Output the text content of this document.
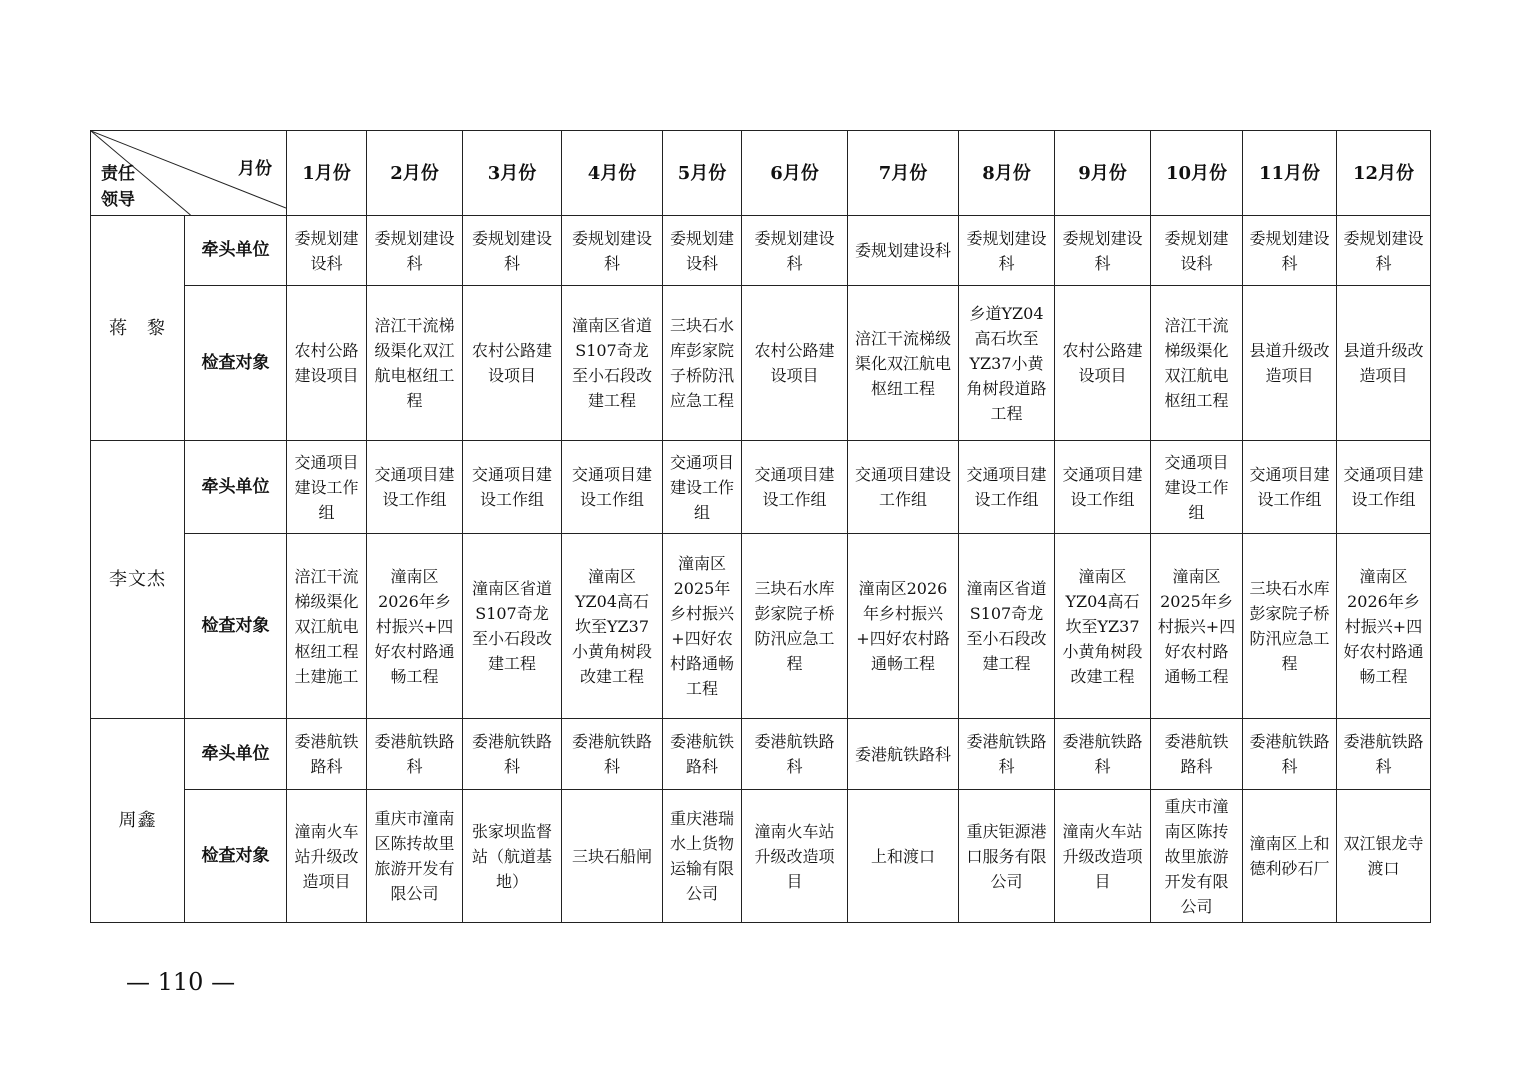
月份
责任领导		1月份	2月份	3月份	4月份	5月份	6月份	7月份	8月份	9月份	10月份	11月份	12月份
蒋　黎	牵头单位	委规划建设科	委规划建设科	委规划建设科	委规划建设科	委规划建设科	委规划建设科	委规划建设科	委规划建设科	委规划建设科	委规划建设科	委规划建设科	委规划建设科
	检查对象	农村公路建设项目	涪江干流梯级渠化双江航电枢纽工程	农村公路建设项目	潼南区省道S107奇龙至小石段改建工程	三块石水库彭家院子桥防汛应急工程	农村公路建设项目	涪江干流梯级渠化双江航电枢纽工程	乡道YZ04高石坎至YZ37小黄角树段道路工程	农村公路建设项目	涪江干流梯级渠化双江航电枢纽工程	县道升级改造项目	县道升级改造项目
李文杰	牵头单位	交通项目建设工作组	交通项目建设工作组	交通项目建设工作组	交通项目建设工作组	交通项目建设工作组	交通项目建设工作组	交通项目建设工作组	交通项目建设工作组	交通项目建设工作组	交通项目建设工作组	交通项目建设工作组	交通项目建设工作组
	检查对象	涪江干流梯级渠化双江航电枢纽工程土建施工	潼南区2026年乡村振兴+四好农村路通畅工程	潼南区省道S107奇龙至小石段改建工程	潼南区YZ04高石坎至YZ37小黄角树段改建工程	潼南区2025年乡村振兴+四好农村路通畅工程	三块石水库彭家院子桥防汛应急工程	潼南区2026年乡村振兴+四好农村路通畅工程	潼南区省道S107奇龙至小石段改建工程	潼南区YZ04高石坎至YZ37小黄角树段改建工程	潼南区2025年乡村振兴+四好农村路通畅工程	三块石水库彭家院子桥防汛应急工程	潼南区2026年乡村振兴+四好农村路通畅工程
周鑫	牵头单位	委港航铁路科	委港航铁路科	委港航铁路科	委港航铁路科	委港航铁路科	委港航铁路科	委港航铁路科	委港航铁路科	委港航铁路科	委港航铁路科	委港航铁路科	委港航铁路科
	检查对象	潼南火车站升级改造项目	重庆市潼南区陈抟故里旅游开发有限公司	张家坝监督站（航道基地）	三块石船闸	重庆港瑞水上货物运输有限公司	潼南火车站升级改造项目	上和渡口	重庆钜源港口服务有限公司	潼南火车站升级改造项目	重庆市潼南区陈抟故里旅游开发有限公司	潼南区上和德利砂石厂	双江银龙寺渡口
— 110 —
